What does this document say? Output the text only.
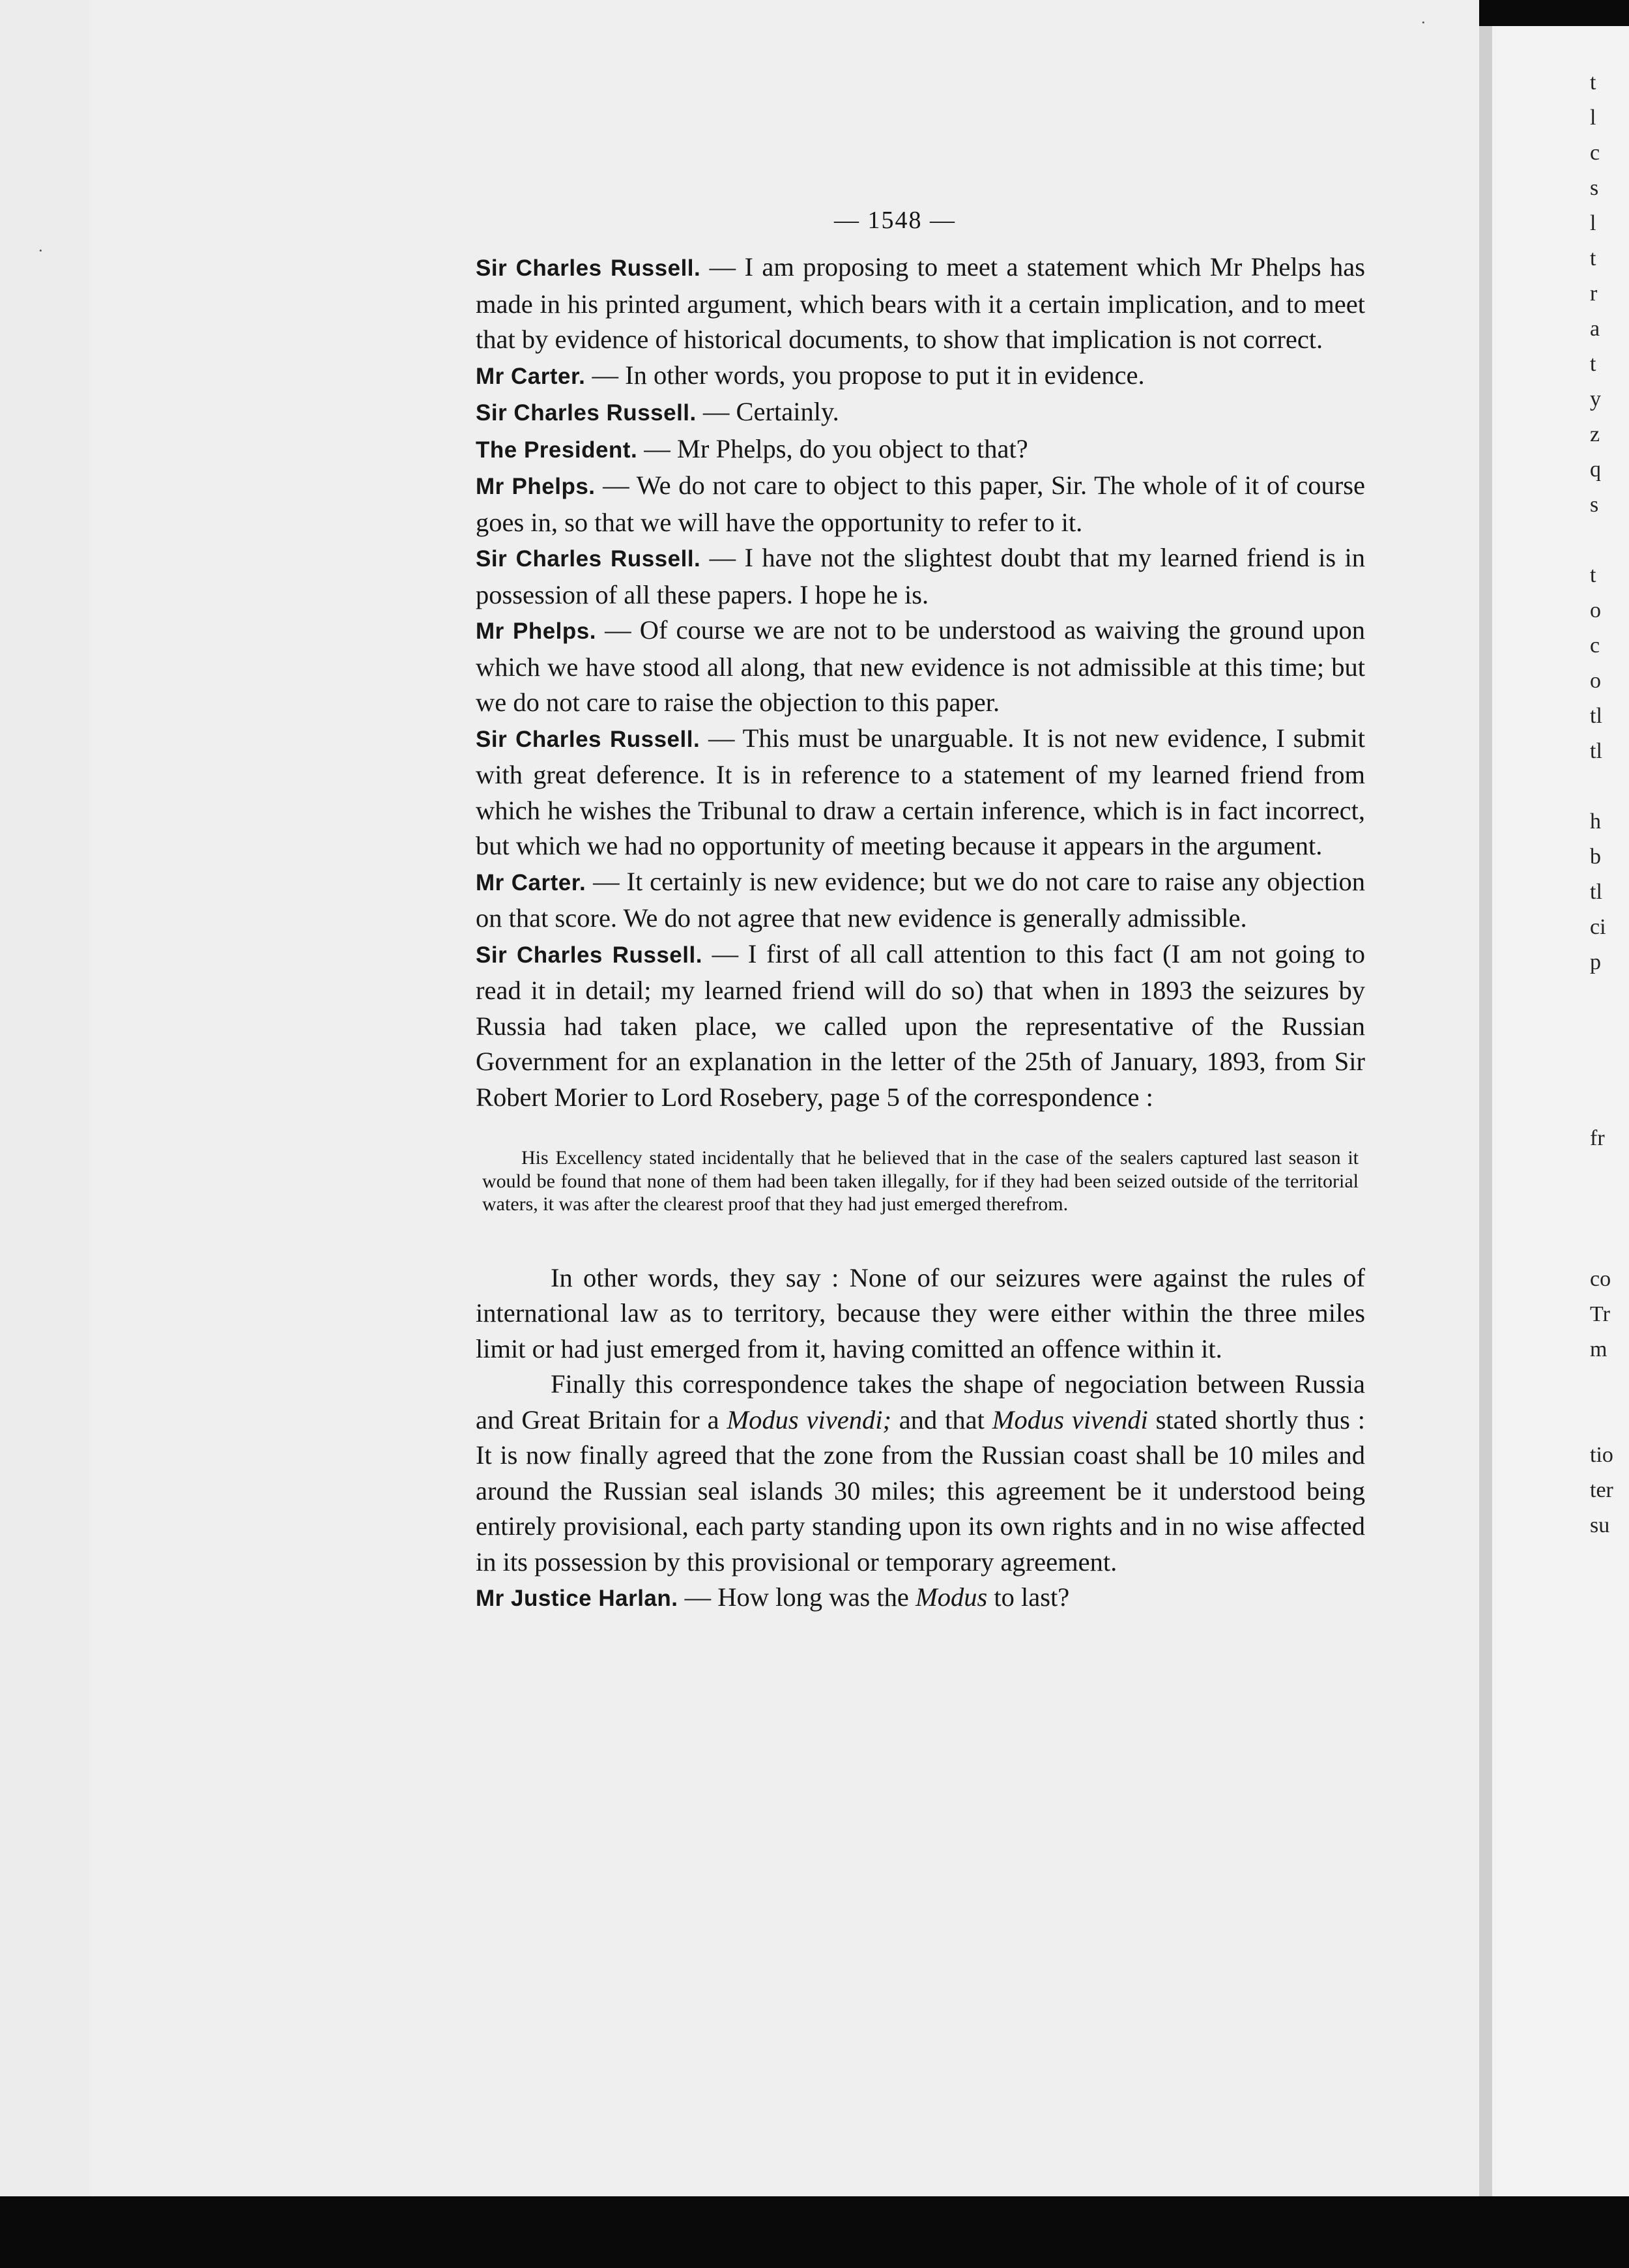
·
·
— 1548 —

Sir Charles Russell. — I am proposing to meet a statement which Mr Phelps has made in his printed argument, which bears with it a certain implication, and to meet that by evidence of historical documents, to show that implication is not correct.

Mr Carter. — In other words, you propose to put it in evidence.

Sir Charles Russell. — Certainly.

The President. — Mr Phelps, do you object to that?

Mr Phelps. — We do not care to object to this paper, Sir. The whole of it of course goes in, so that we will have the opportunity to refer to it.

Sir Charles Russell. — I have not the slightest doubt that my learned friend is in possession of all these papers. I hope he is.

Mr Phelps. — Of course we are not to be understood as waiving the ground upon which we have stood all along, that new evidence is not admissible at this time; but we do not care to raise the objection to this paper.

Sir Charles Russell. — This must be unarguable. It is not new evidence, I submit with great deference. It is in reference to a statement of my learned friend from which he wishes the Tribunal to draw a certain inference, which is in fact incorrect, but which we had no opportunity of meeting because it appears in the argument.

Mr Carter. — It certainly is new evidence; but we do not care to raise any objection on that score. We do not agree that new evidence is generally admissible.

Sir Charles Russell. — I first of all call attention to this fact (I am not going to read it in detail; my learned friend will do so) that when in 1893 the seizures by Russia had taken place, we called upon the representative of the Russian Government for an explanation in the letter of the 25th of January, 1893, from Sir Robert Morier to Lord Rosebery, page 5 of the correspondence :

His Excellency stated incidentally that he believed that in the case of the sealers captured last season it would be found that none of them had been taken illegally, for if they had been seized outside of the territorial waters, it was after the clearest proof that they had just emerged therefrom.

In other words, they say : None of our seizures were against the rules of international law as to territory, because they were either within the three miles limit or had just emerged from it, having comitted an offence within it.

Finally this correspondence takes the shape of negociation between Russia and Great Britain for a Modus vivendi; and that Modus vivendi stated shortly thus : It is now finally agreed that the zone from the Russian coast shall be 10 miles and around the Russian seal islands 30 miles; this agreement be it understood being entirely provisional, each party standing upon its own rights and in no wise affected in its possession by this provisional or temporary agreement.

Mr Justice Harlan. — How long was the Modus to last?

t
l
c
s
l
t
r
a
t
y
z
q
s

t
o
c
o
tl
tl

h
b
tl
ci
p

fr

co
Tr
m

tio
ter
su
